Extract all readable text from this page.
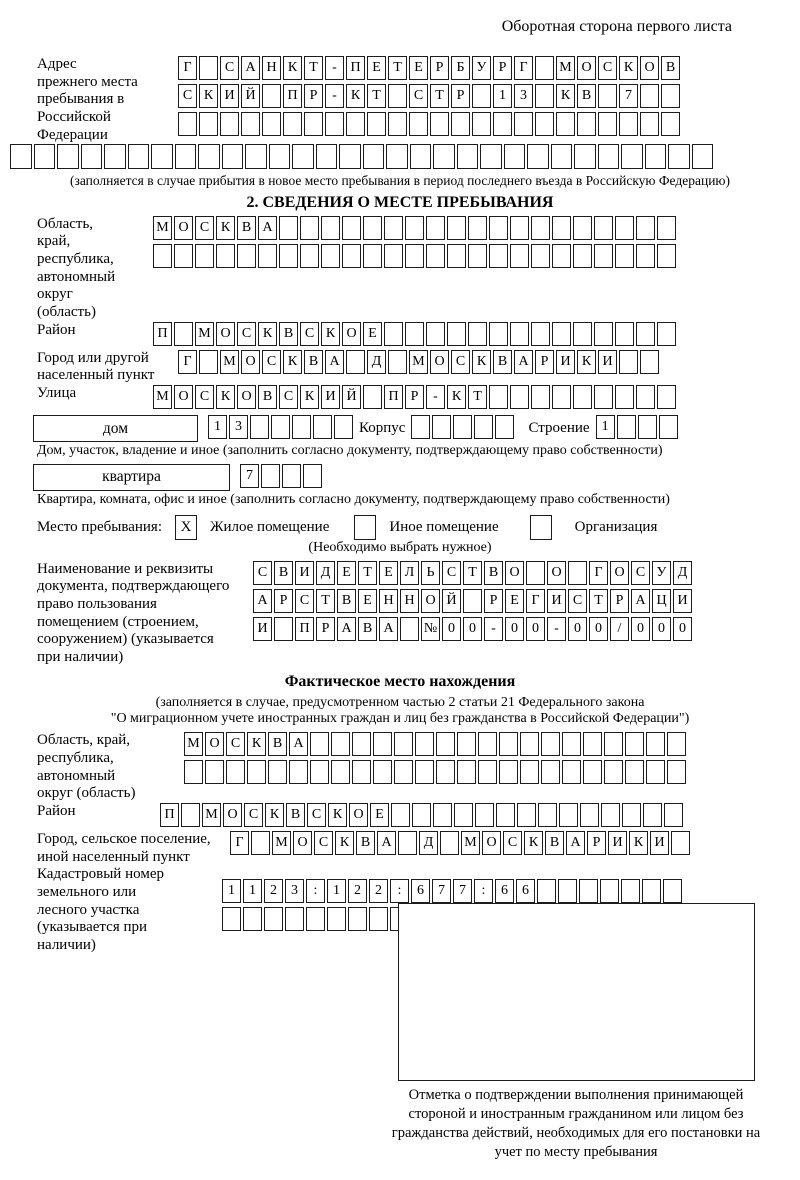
Оборотная сторона первого листа
Адрес прежнего места пребывания в Российской Федерации
Г	С А Н К Т	- П Е Т Е Р Б У Р Г	М О С К О В
С К И Й	П Р	-	К Т	С Т Р	1	3	К В	7
(заполняется в случае прибытия в новое место пребывания в период последнего въезда в Российскую Федерацию)
2. СВЕДЕНИЯ О МЕСТЕ ПРЕБЫВАНИЯ
Область, край, республика, автономный округ (область)
М О С К В А
Район	П	М О С К В С К О Е
Город или другой населенный пункт
Г	М О С К В А	Д	М О С К В А Р И К И
Улица	М О С К О В С К И Й	П Р	-	К Т
дом	1	3	Корпус	Строение 1
Дом, участок, владение и иное (заполнить согласно документу, подтверждающему право собственности)
квартира	7
Квартира, комната, офис и иное (заполнить согласно документу, подтверждающему право собственности)
Место пребывания:	X	Жилое помещение	Иное помещение	Организация
(Необходимо выбрать нужное)
Наименование и реквизиты документа, подтверждающего право пользования помещением (строением, сооружением) (указывается при наличии)
С В И Д Е Т Е Л Ь С Т В О	О	Г О С У Д
А Р С Т В Е Н Н О Й	Р Е Г И С Т Р А Ц И
И	П Р А В А	№ 0	0	-	0	0	-	0	0	/	0	0	0
Фактическое место нахождения
(заполняется в случае, предусмотренном частью 2 статьи 21 Федерального закона
"О миграционном учете иностранных граждан и лиц без гражданства в Российской Федерации")
Область, край, республика, автономный округ (область)
М О С К В А
Район	П	М О С К В С К О Е
Город, сельское поселение, иной населенный пункт
Г	М О С К В А	Д	М О С К В А Р И К И
Кадастровый номер земельного или лесного участка (указывается при наличии)
1	1	2	3	:	1	2	2	:	6	7	7	:	6	6
Отметка о подтверждении выполнения принимающей стороной и иностранным гражданином или лицом без гражданства действий, необходимых для его постановки на учет по месту пребывания
